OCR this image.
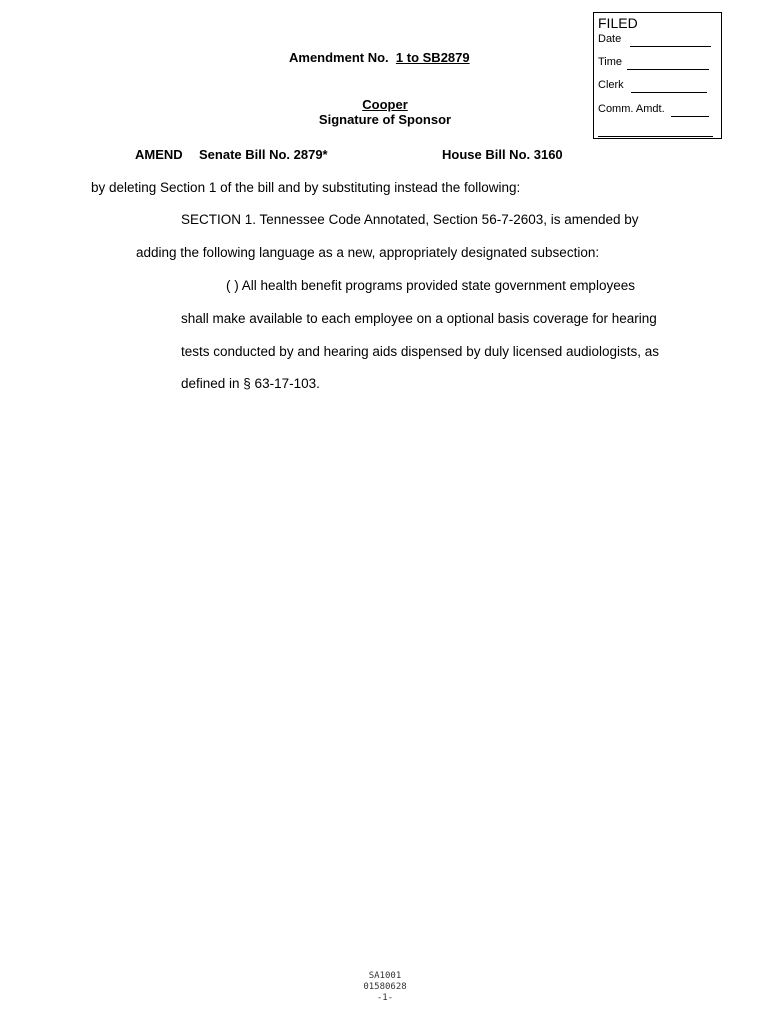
FILED
Date
Time
Clerk
Comm. Amdt.
Amendment No. 1 to SB2879
Cooper
Signature of Sponsor
AMEND Senate Bill No. 2879*	House Bill No. 3160
by deleting Section 1 of the bill and by substituting instead the following:
SECTION 1. Tennessee Code Annotated, Section 56-7-2603, is amended by
adding the following language as a new, appropriately designated subsection:
( ) All health benefit programs provided state government employees
shall make available to each employee on a optional basis coverage for hearing
tests conducted by and hearing aids dispensed by duly licensed audiologists, as
defined in § 63-17-103.
SA1001
01580628
-1-
